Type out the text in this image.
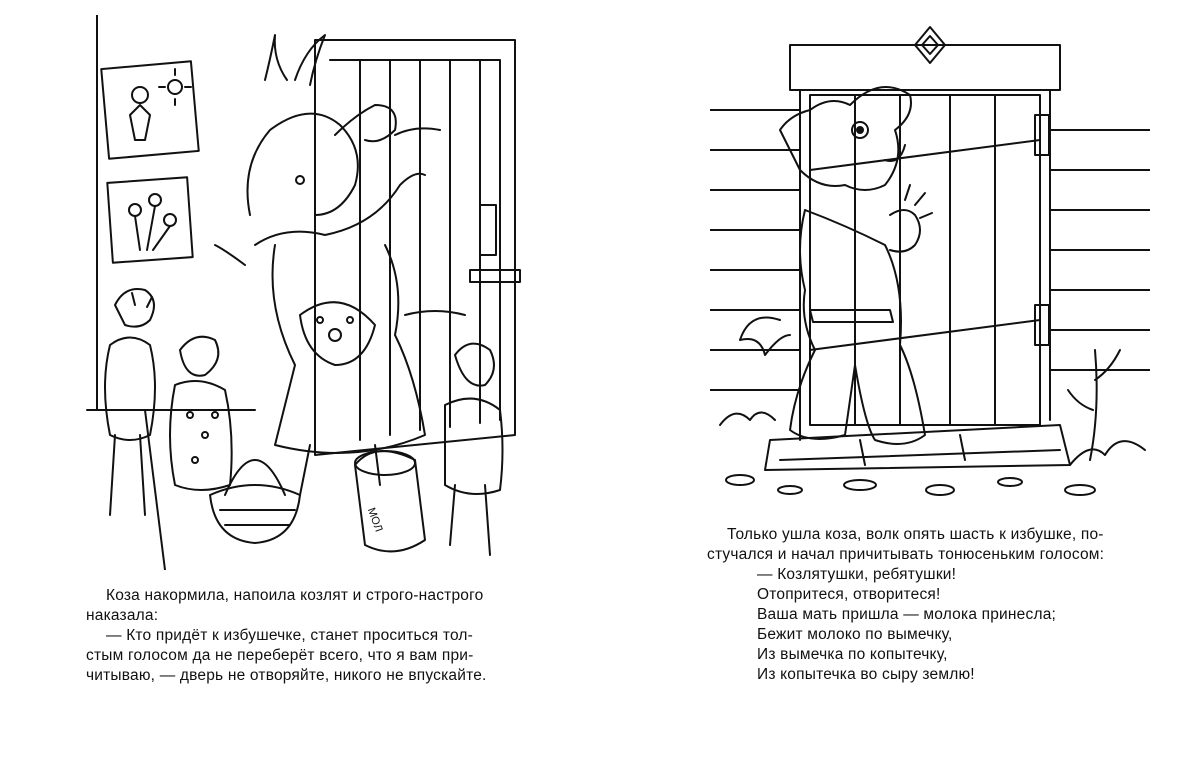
МОЛ

Коза накормила, напоила козлят и строго-настрого

наказала:

— Кто придёт к избушечке, станет проситься тол-

стым голосом да не переберёт всего, что я вам при-

читываю, — дверь не отворяйте, никого не впускайте.

Только ушла коза, волк опять шасть к избушке, по-

стучался и начал причитывать тонюсеньким голосом:

— Козлятушки, ребятушки!

Отопритеся, отворитеся!

Ваша мать пришла — молока принесла;

Бежит молоко по вымечку,

Из вымечка по копытечку,

Из копытечка во сыру землю!
